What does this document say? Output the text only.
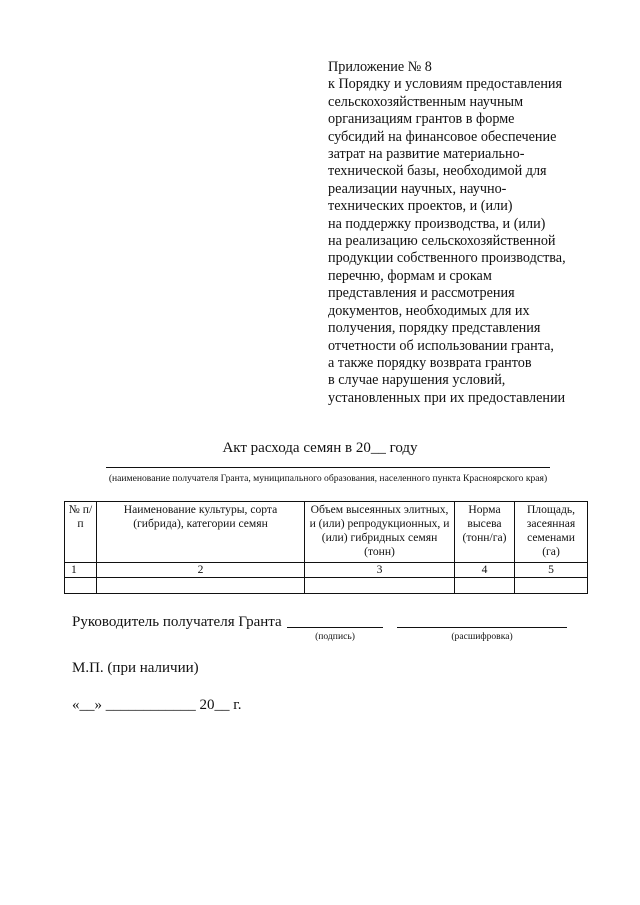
Приложение № 8
к Порядку и условиям предоставления
сельскохозяйственным научным
организациям грантов в форме
субсидий на финансовое обеспечение
затрат на развитие материально-
технической базы, необходимой для
реализации научных, научно-
технических проектов, и (или)
на поддержку производства, и (или)
на реализацию сельскохозяйственной
продукции собственного производства,
перечню, формам и срокам
представления и рассмотрения
документов, необходимых для их
получения, порядку представления
отчетности об использовании гранта,
а также порядку возврата грантов
в случае нарушения условий,
установленных при их предоставлении
Акт расхода семян в 20__ году
(наименование получателя Гранта, муниципального образования, населенного пункта Красноярского края)
№ п/п	Наименование культуры, сорта (гибрида), категории семян	Объем высеянных элитных, и (или) репродукционных, и (или) гибридных семян (тонн)	Норма высева (тонн/га)	Площадь, засеянная семенами (га)
1	2	3	4	5

Руководитель получателя Гранта
(подпись)	(расшифровка)
М.П. (при наличии)
«__» ____________ 20__ г.
